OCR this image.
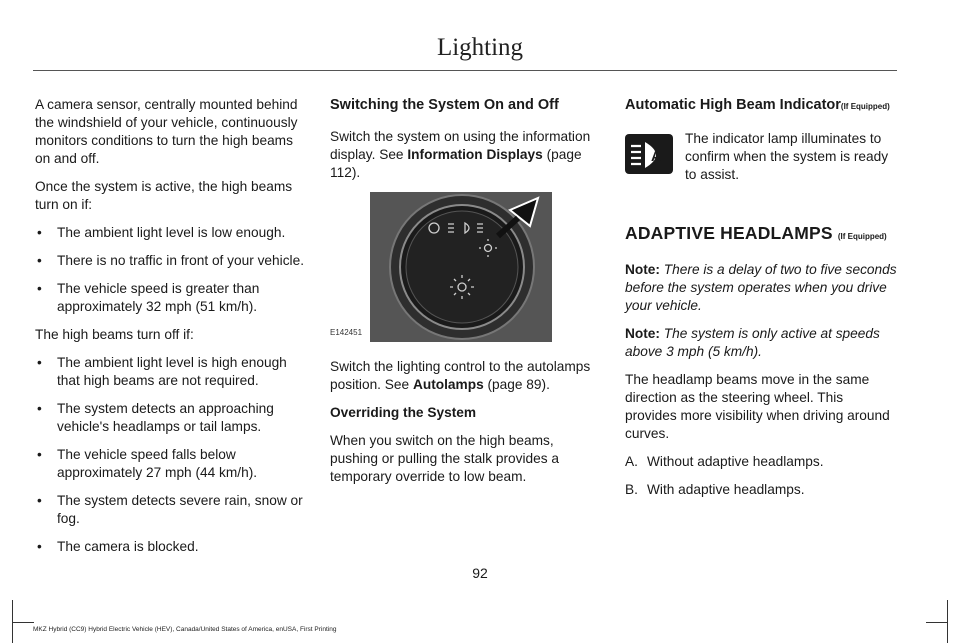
Lighting

A camera sensor, centrally mounted behind the windshield of your vehicle, continuously monitors conditions to turn the high beams on and off.

Once the system is active, the high beams turn on if:

• The ambient light level is low enough.
• There is no traffic in front of your vehicle.
• The vehicle speed is greater than approximately 32 mph (51 km/h).

The high beams turn off if:

• The ambient light level is high enough that high beams are not required.
• The system detects an approaching vehicle's headlamps or tail lamps.
• The vehicle speed falls below approximately 27 mph (44 km/h).
• The system detects severe rain, snow or fog.
• The camera is blocked.
Switching the System On and Off

Switch the system on using the information display. See Information Displays (page 112).

E142451

Switch the lighting control to the autolamps position. See Autolamps (page 89).

Overriding the System

When you switch on the high beams, pushing or pulling the stalk provides a temporary override to low beam.

Automatic High Beam Indicator(If Equipped)
A

The indicator lamp illuminates to confirm when the system is ready to assist.

ADAPTIVE HEADLAMPS (If Equipped)

Note: There is a delay of two to five seconds before the system operates when you drive your vehicle.

Note: The system is only active at speeds above 3 mph (5 km/h).

The headlamp beams move in the same direction as the steering wheel. This provides more visibility when driving around curves.

A. Without adaptive headlamps.
B. With adaptive headlamps.
92
MKZ Hybrid (CC9) Hybrid Electric Vehicle (HEV), Canada/United States of America, enUSA, First Printing
